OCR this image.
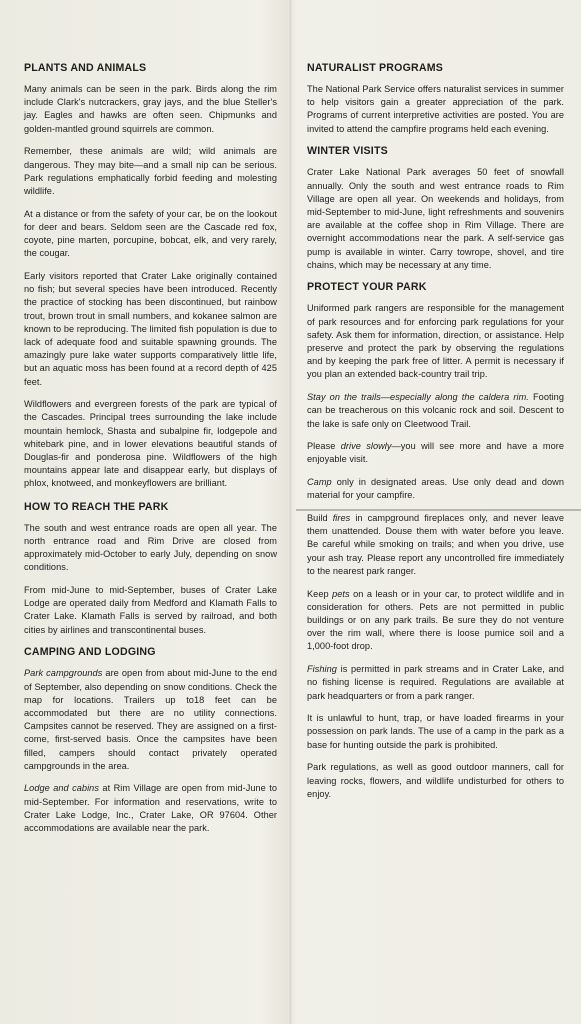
PLANTS AND ANIMALS

Many animals can be seen in the park. Birds along the rim include Clark's nutcrackers, gray jays, and the blue Steller's jay. Eagles and hawks are often seen. Chipmunks and golden-mantled ground squirrels are common.

Remember, these animals are wild; wild animals are dangerous. They may bite—and a small nip can be serious. Park regulations emphatically forbid feeding and molesting wildlife.

At a distance or from the safety of your car, be on the lookout for deer and bears. Seldom seen are the Cascade red fox, coyote, pine marten, porcupine, bobcat, elk, and very rarely, the cougar.

Early visitors reported that Crater Lake originally contained no fish; but several species have been introduced. Recently the practice of stocking has been discontinued, but rainbow trout, brown trout in small numbers, and kokanee salmon are known to be reproducing. The limited fish population is due to lack of adequate food and suitable spawning grounds. The amazingly pure lake water supports comparatively little life, but an aquatic moss has been found at a record depth of 425 feet.

Wildflowers and evergreen forests of the park are typical of the Cascades. Principal trees surrounding the lake include mountain hemlock, Shasta and subalpine fir, lodgepole and whitebark pine, and in lower elevations beautiful stands of Douglas-fir and ponderosa pine. Wildflowers of the high mountains appear late and disappear early, but displays of phlox, knotweed, and monkeyflowers are brilliant.

HOW TO REACH THE PARK

The south and west entrance roads are open all year. The north entrance road and Rim Drive are closed from approximately mid-October to early July, depending on snow conditions.

From mid-June to mid-September, buses of Crater Lake Lodge are operated daily from Medford and Klamath Falls to Crater Lake. Klamath Falls is served by railroad, and both cities by airlines and transcontinental buses.

CAMPING AND LODGING

Park campgrounds are open from about mid-June to the end of September, also depending on snow conditions. Check the map for locations. Trailers up to18 feet can be accommodated but there are no utility connections. Campsites cannot be reserved. They are assigned on a first-come, first-served basis. Once the campsites have been filled, campers should contact privately operated campgrounds in the area.

Lodge and cabins at Rim Village are open from mid-June to mid-September. For information and reservations, write to Crater Lake Lodge, Inc., Crater Lake, OR 97604. Other accommodations are available near the park.

NATURALIST PROGRAMS

The National Park Service offers naturalist services in summer to help visitors gain a greater appreciation of the park. Programs of current interpretive activities are posted. You are invited to attend the campfire programs held each evening.

WINTER VISITS

Crater Lake National Park averages 50 feet of snowfall annually. Only the south and west entrance roads to Rim Village are open all year. On weekends and holidays, from mid-September to mid-June, light refreshments and souvenirs are available at the coffee shop in Rim Village. There are overnight accommodations near the park. A self-service gas pump is available in winter. Carry towrope, shovel, and tire chains, which may be necessary at any time.

PROTECT YOUR PARK

Uniformed park rangers are responsible for the management of park resources and for enforcing park regulations for your safety. Ask them for information, direction, or assistance. Help preserve and protect the park by observing the regulations and by keeping the park free of litter. A permit is necessary if you plan an extended back-country trail trip.

Stay on the trails—especially along the caldera rim. Footing can be treacherous on this volcanic rock and soil. Descent to the lake is safe only on Cleetwood Trail.

Please drive slowly—you will see more and have a more enjoyable visit.

Camp only in designated areas. Use only dead and down material for your campfire.

Build fires in campground fireplaces only, and never leave them unattended. Douse them with water before you leave. Be careful while smoking on trails; and when you drive, use your ash tray. Please report any uncontrolled fire immediately to the nearest park ranger.

Keep pets on a leash or in your car, to protect wildlife and in consideration for others. Pets are not permitted in public buildings or on any park trails. Be sure they do not venture over the rim wall, where there is loose pumice soil and a 1,000-foot drop.

Fishing is permitted in park streams and in Crater Lake, and no fishing license is required. Regulations are available at park headquarters or from a park ranger.

It is unlawful to hunt, trap, or have loaded firearms in your possession on park lands. The use of a camp in the park as a base for hunting outside the park is prohibited.

Park regulations, as well as good outdoor manners, call for leaving rocks, flowers, and wildlife undisturbed for others to enjoy.
